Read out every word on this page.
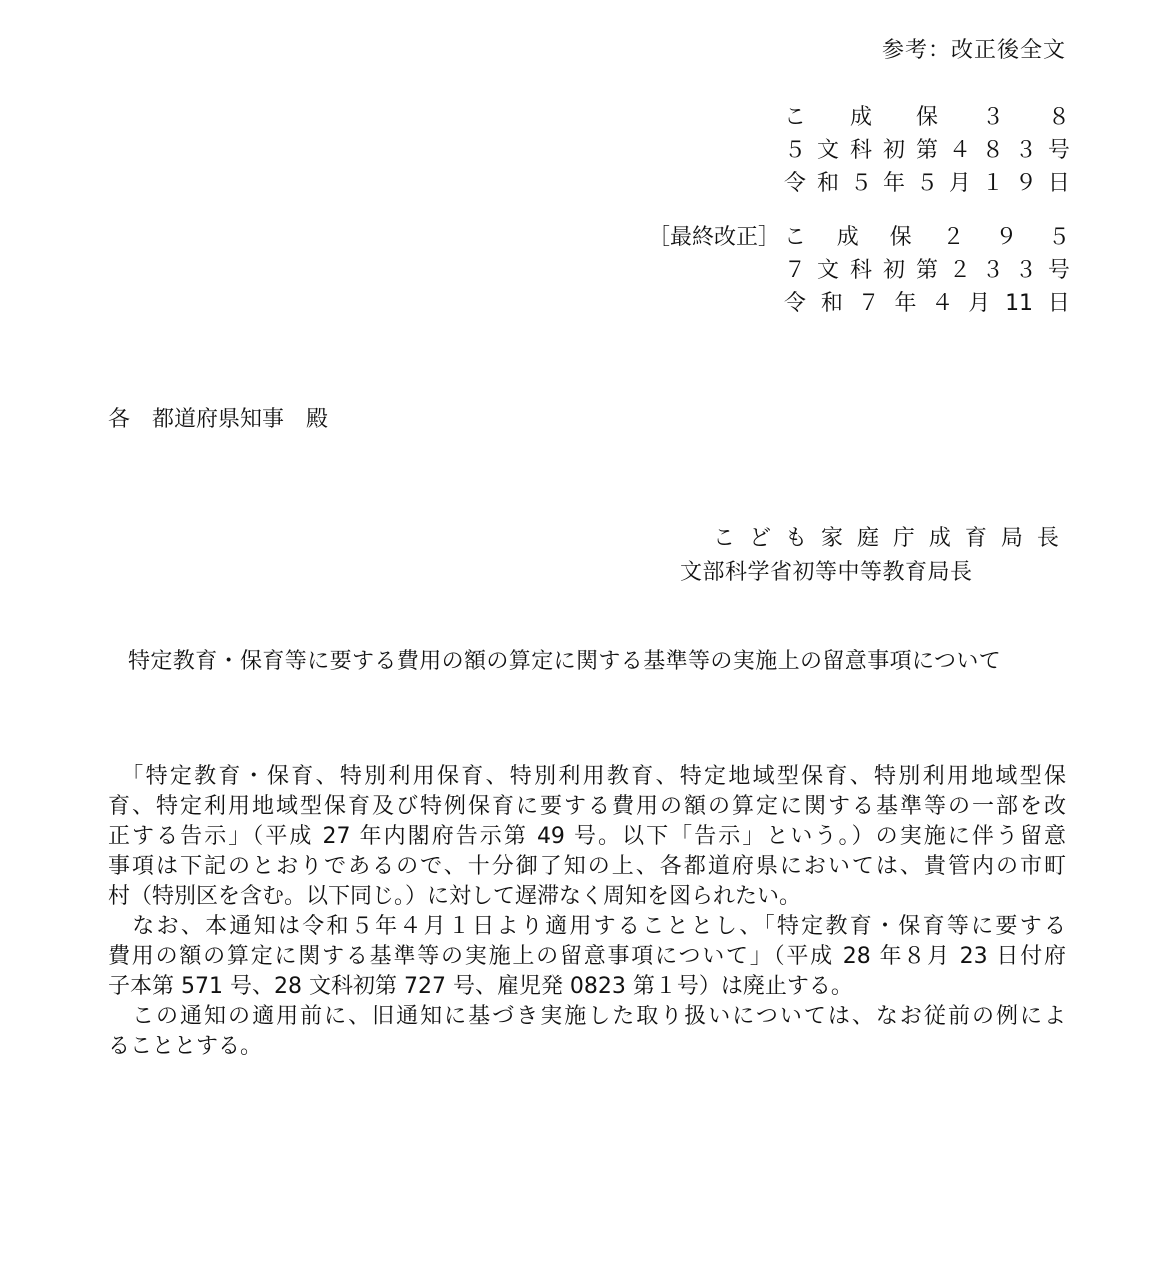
参考：改正後全文
こ 成 保 ３ ８
５ 文 科 初 第 ４ ８ ３ 号
令 和 ５ 年 ５ 月 １ ９ 日
［最終改正］ こ 成 保 ２ ９ ５
７ 文 科 初 第 ２ ３ ３ 号
令 和 ７ 年 ４ 月 11 日
各　都道府県知事　殿
こ ど も 家 庭 庁 成 育 局 長
文部科学省初等中等教育局長
特定教育・保育等に要する費用の額の算定に関する基準等の実施上の留意事項について
　「特定教育・保育、特別利用保育、特別利用教育、特定地域型保育、特別利用地域型保
育、特定利用地域型保育及び特例保育に要する費用の額の算定に関する基準等の一部を改
正する告示」（平成 27 年内閣府告示第 49 号。以下「告示」という。）の実施に伴う留意
事項は下記のとおりであるので、十分御了知の上、各都道府県においては、貴管内の市町
村（特別区を含む。以下同じ。）に対して遅滞なく周知を図られたい。
　なお、本通知は令和５年４月１日より適用することとし、「特定教育・保育等に要する
費用の額の算定に関する基準等の実施上の留意事項について」（平成 28 年８月 23 日付府
子本第 571 号、28 文科初第 727 号、雇児発 0823 第１号）は廃止する。
　この通知の適用前に、旧通知に基づき実施した取り扱いについては、なお従前の例によ
ることとする。
